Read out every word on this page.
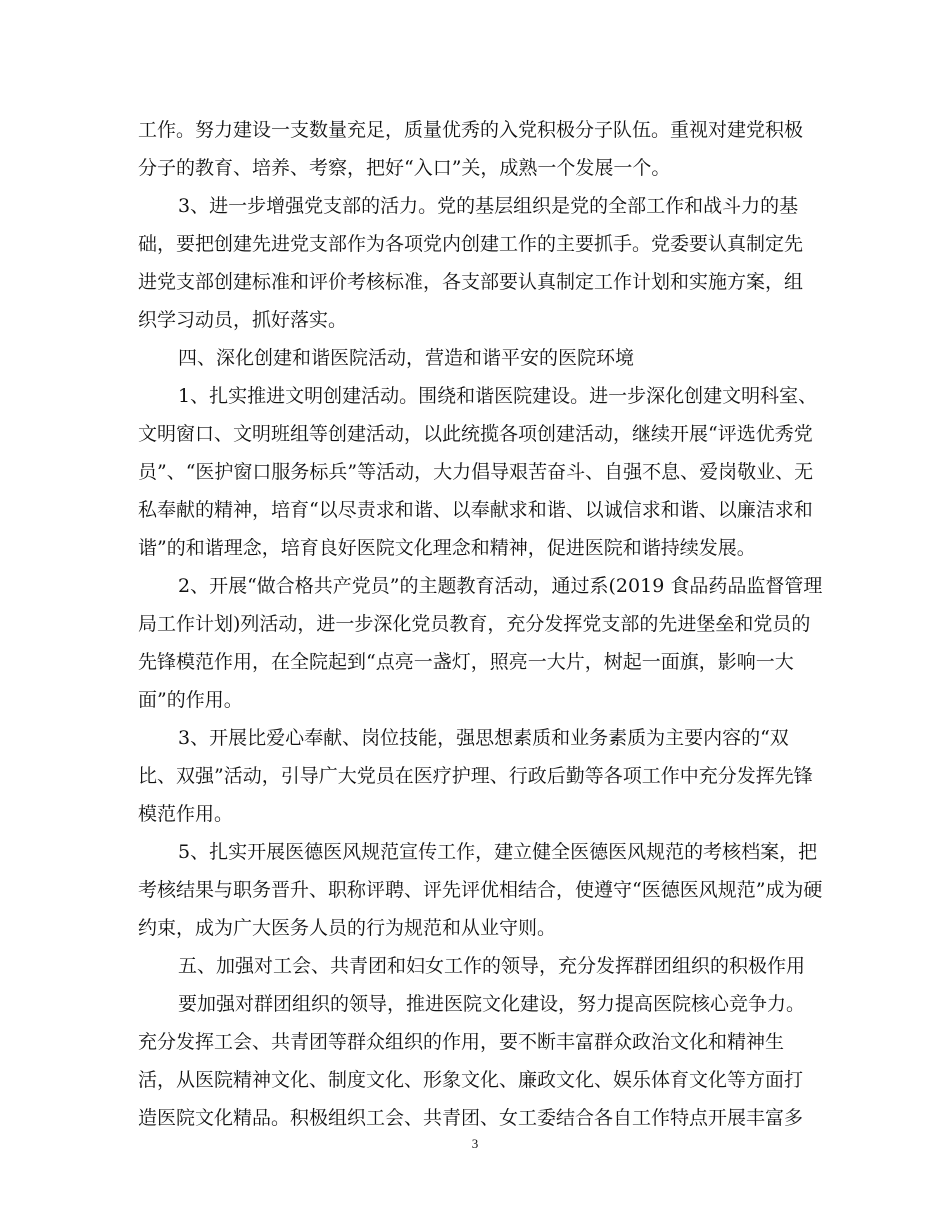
工作。努力建设一支数量充足，质量优秀的入党积极分子队伍。重视对建党积极
分子的教育、培养、考察，把好“入口”关，成熟一个发展一个。
3、进一步增强党支部的活力。党的基层组织是党的全部工作和战斗力的基
础，要把创建先进党支部作为各项党内创建工作的主要抓手。党委要认真制定先
进党支部创建标准和评价考核标准，各支部要认真制定工作计划和实施方案，组
织学习动员，抓好落实。
四、深化创建和谐医院活动，营造和谐平安的医院环境
1、扎实推进文明创建活动。围绕和谐医院建设。进一步深化创建文明科室、
文明窗口、文明班组等创建活动，以此统揽各项创建活动，继续开展“评选优秀党
员”、“医护窗口服务标兵”等活动，大力倡导艰苦奋斗、自强不息、爱岗敬业、无
私奉献的精神，培育“以尽责求和谐、以奉献求和谐、以诚信求和谐、以廉洁求和
谐”的和谐理念，培育良好医院文化理念和精神，促进医院和谐持续发展。
2、开展“做合格共产党员”的主题教育活动，通过系(2019 食品药品监督管理
局工作计划)列活动，进一步深化党员教育，充分发挥党支部的先进堡垒和党员的
先锋模范作用，在全院起到“点亮一盏灯，照亮一大片，树起一面旗，影响一大
面”的作用。
3、开展比爱心奉献、岗位技能，强思想素质和业务素质为主要内容的“双
比、双强”活动，引导广大党员在医疗护理、行政后勤等各项工作中充分发挥先锋
模范作用。
5、扎实开展医德医风规范宣传工作，建立健全医德医风规范的考核档案，把
考核结果与职务晋升、职称评聘、评先评优相结合，使遵守“医德医风规范”成为硬
约束，成为广大医务人员的行为规范和从业守则。
五、加强对工会、共青团和妇女工作的领导，充分发挥群团组织的积极作用
要加强对群团组织的领导，推进医院文化建设，努力提高医院核心竞争力。
充分发挥工会、共青团等群众组织的作用，要不断丰富群众政治文化和精神生
活，从医院精神文化、制度文化、形象文化、廉政文化、娱乐体育文化等方面打
造医院文化精品。积极组织工会、共青团、女工委结合各自工作特点开展丰富多
3
